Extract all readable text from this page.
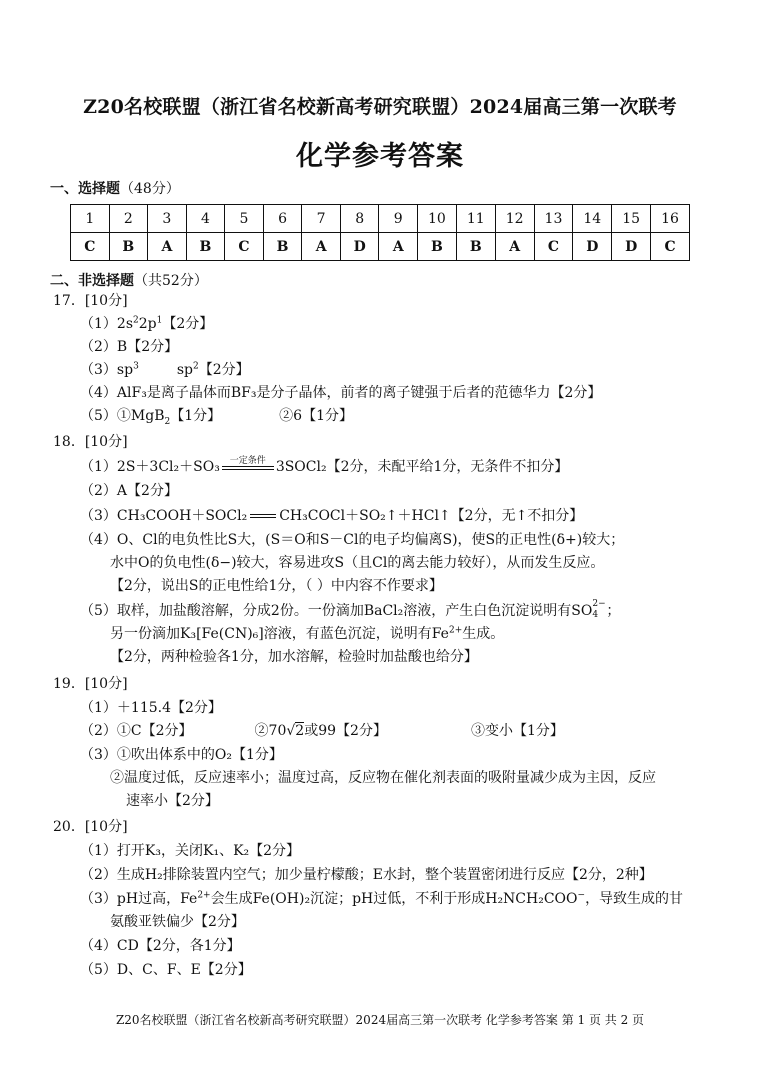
Z20名校联盟（浙江省名校新高考研究联盟）2024届高三第一次联考
化学参考答案
一、选择题（48分）
1	2	3	4	5	6	7	8	9	10	11	12	13	14	15	16
C	B	A	B	C	B	A	D	A	B	B	A	C	D	D	C
二、非选择题（共52分）
17．[10分]
$(1)2s^22p^1$【2分】
（2）B【2分】
$(3)sp^3$	$sp^2$【2分】
（4）AlF₃是离子晶体而BF₃是分子晶体，前者的离子键强于后者的范德华力【2分】
（5）①MgB$_2$【1分】	②6【1分】
18．[10分]
（1）2S＋3Cl₂＋SO₃	一定条件 3SOCl₂【2分，未配平给1分，无条件不扣分】
（2）A【2分】
（3）CH₃COOH＋SOCl₂ CH₃COCl＋SO₂↑＋HCl↑【2分，无↑不扣分】
（4）O、Cl的电负性比S大，(S＝O和S－Cl的电子均偏离S)，使S的正电性(δ+)较大；
水中O的负电性(δ−)较大，容易进攻S（且Cl的离去能力较好），从而发生反应。
【2分，说出S的正电性给1分，（ ）中内容不作要求】
（5）取样，加盐酸溶解，分成2份。一份滴加BaCl₂溶液，产生白色沉淀说明有SO 2−
4 ；
另一份滴加K₃[Fe(CN)₆]溶液，有蓝色沉淀，说明有$Fe^{2+}$生成。
【2分，两种检验各1分，加水溶解，检验时加盐酸也给分】
19．[10分]
（1）＋115.4【2分】
（2）①C【2分】	②70√2或99【2分】	③变小【1分】
（3）①吹出体系中的O₂【1分】
②温度过低，反应速率小；温度过高，反应物在催化剂表面的吸附量减少成为主因，反应
速率小【2分】
20．[10分]
（1）打开K₃，关闭K₁、K₂【2分】
（2）生成H₂排除装置内空气；加少量柠檬酸；E水封，整个装置密闭进行反应【2分，2种】
（3）pH过高，$Fe^{2+}$会生成Fe(OH)₂沉淀；pH过低，不利于形成H₂NCH₂COO−，导致生成的甘
氨酸亚铁偏少【2分】
（4）CD【2分，各1分】
（5）D、C、F、E【2分】
Z20名校联盟（浙江省名校新高考研究联盟）2024届高三第一次联考 化学参考答案 第 1 页 共 2 页
